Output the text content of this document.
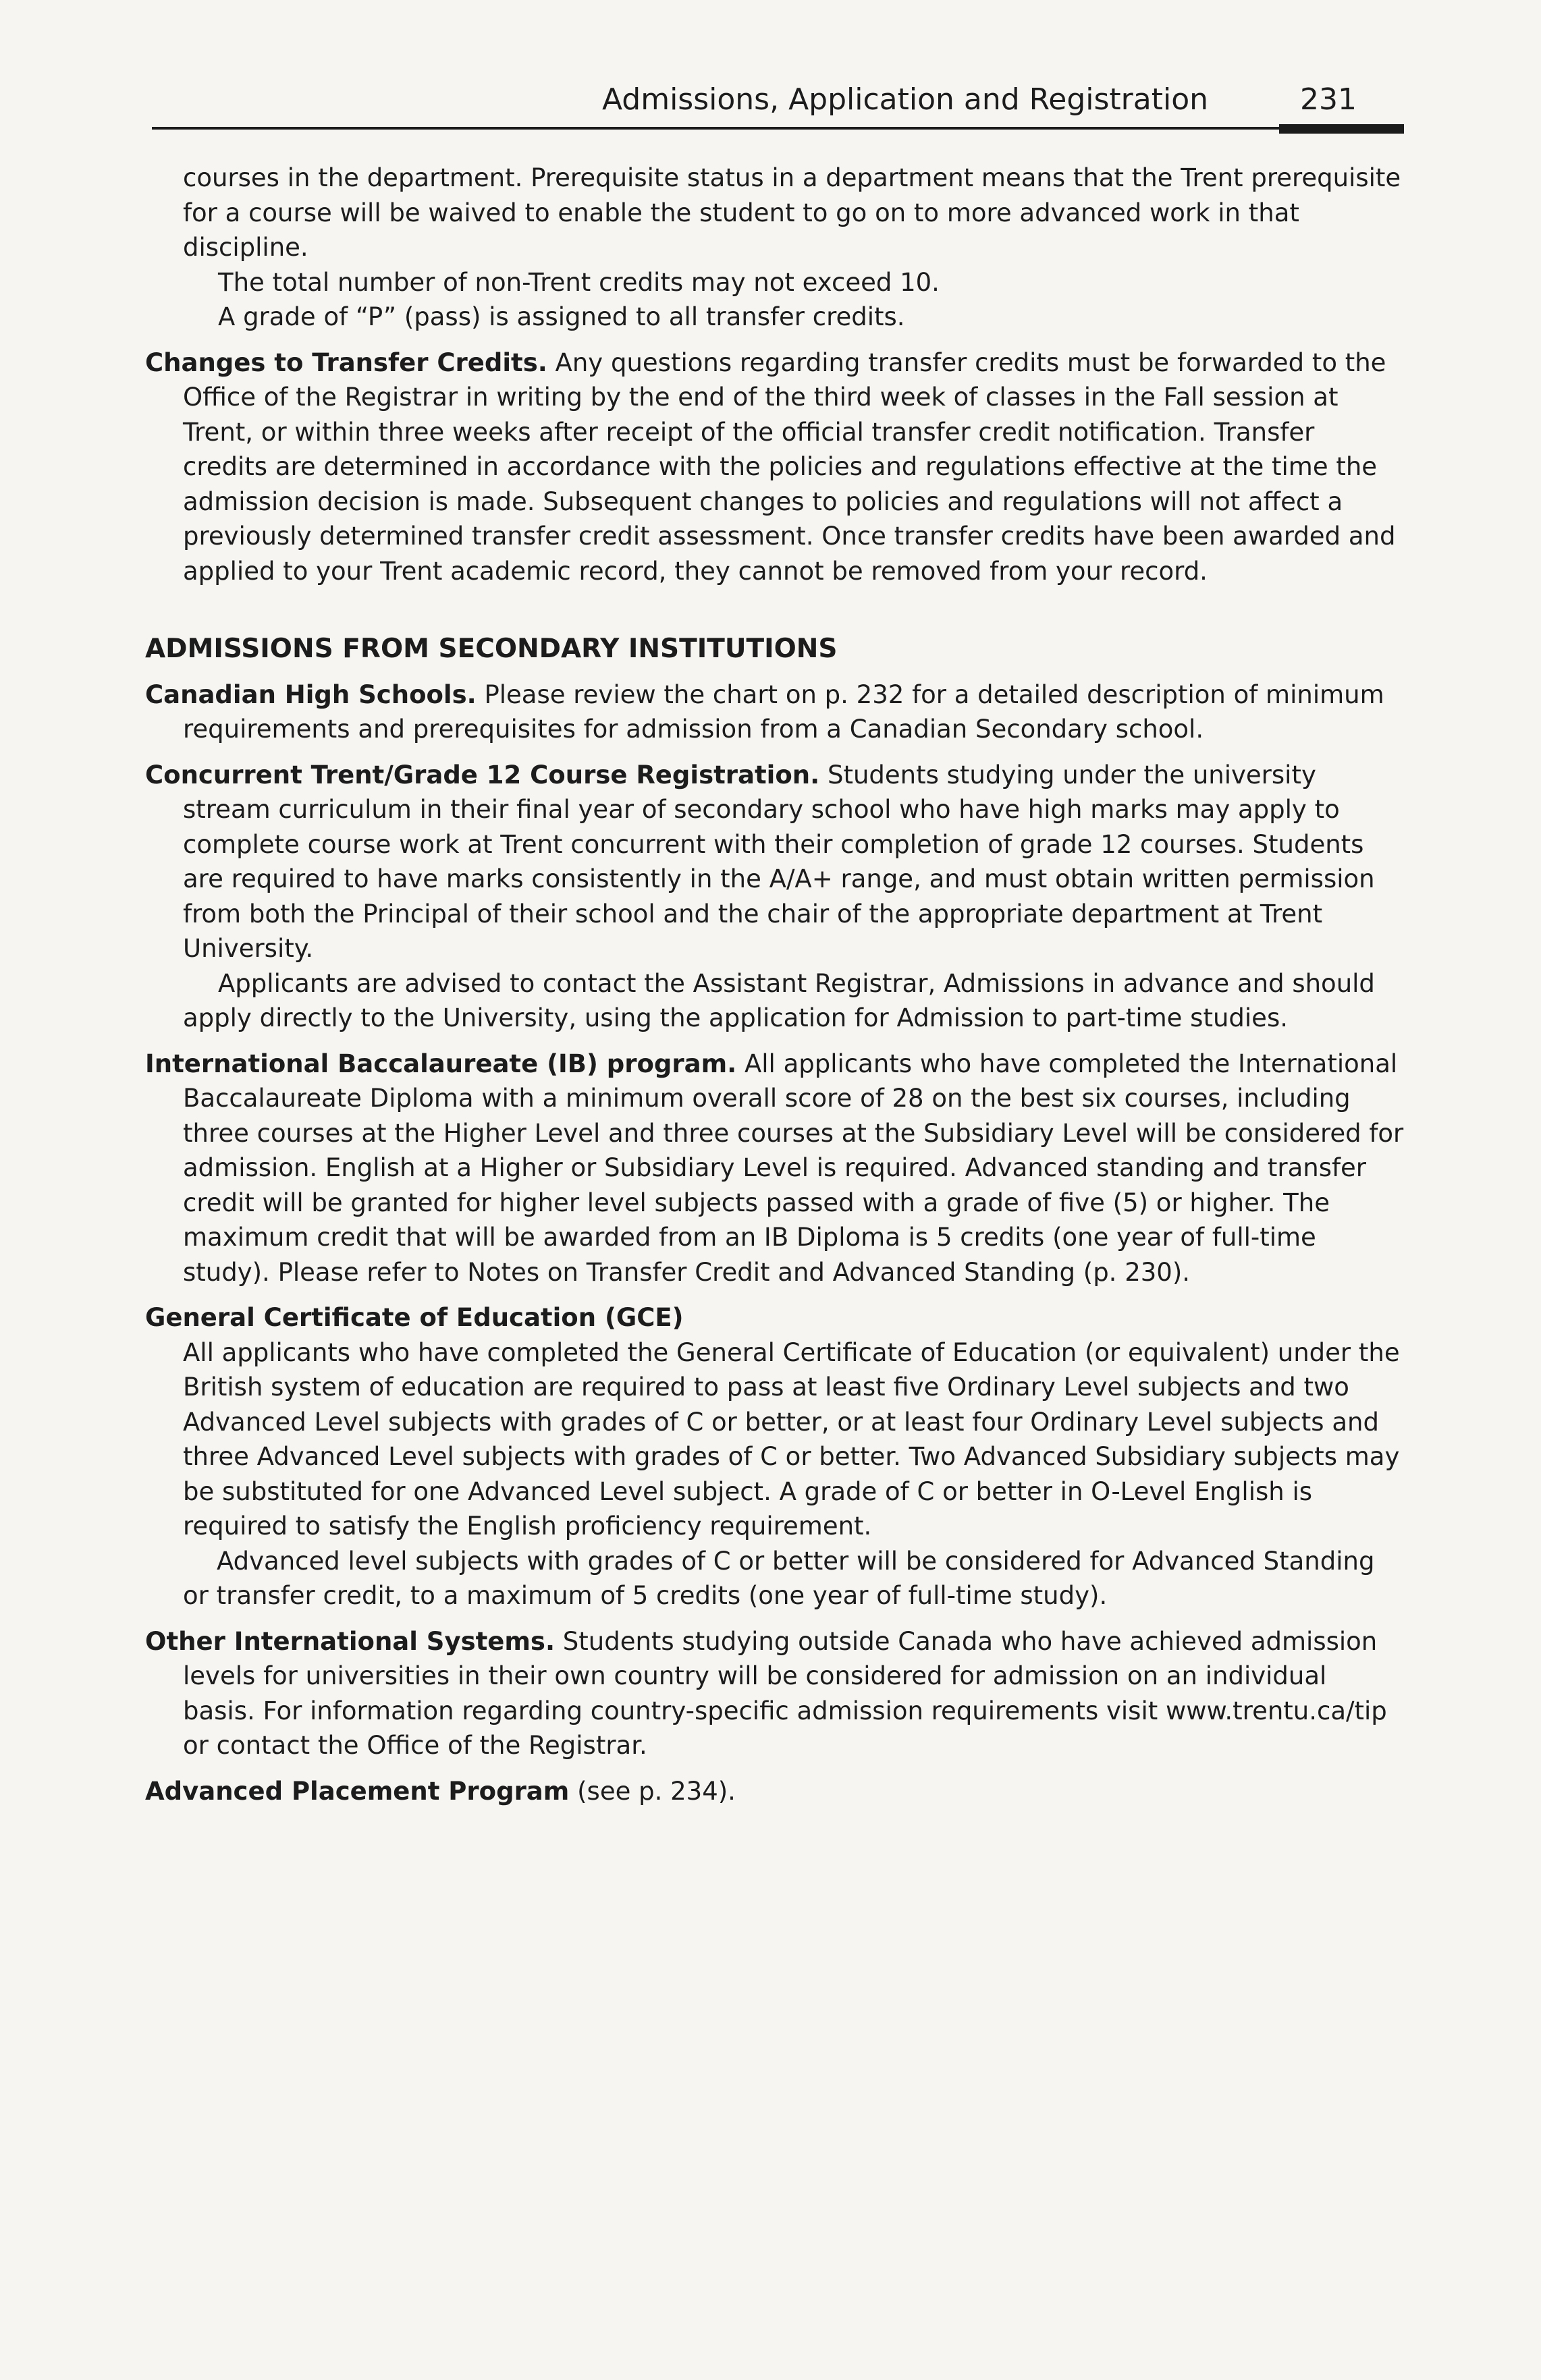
Admissions, Application and Registration	231

courses in the department. Prerequisite status in a department means that the Trent prerequisite for a course will be waived to enable the student to go on to more advanced work in that discipline.

The total number of non-Trent credits may not exceed 10.

A grade of “P” (pass) is assigned to all transfer credits.

Changes to Transfer Credits. Any questions regarding transfer credits must be forwarded to the Office of the Registrar in writing by the end of the third week of classes in the Fall session at Trent, or within three weeks after receipt of the official transfer credit notification. Transfer credits are determined in accordance with the policies and regulations effective at the time the admission decision is made. Subsequent changes to policies and regulations will not affect a previously determined transfer credit assessment. Once transfer credits have been awarded and applied to your Trent academic record, they cannot be removed from your record.

ADMISSIONS FROM SECONDARY INSTITUTIONS

Canadian High Schools. Please review the chart on p. 232 for a detailed description of minimum requirements and prerequisites for admission from a Canadian Secondary school.

Concurrent Trent/Grade 12 Course Registration. Students studying under the university stream curriculum in their final year of secondary school who have high marks may apply to complete course work at Trent concurrent with their completion of grade 12 courses. Students are required to have marks consistently in the A/A+ range, and must obtain written permission from both the Principal of their school and the chair of the appropriate department at Trent University.

Applicants are advised to contact the Assistant Registrar, Admissions in advance and should apply directly to the University, using the application for Admission to part-time studies.

International Baccalaureate (IB) program. All applicants who have completed the International Baccalaureate Diploma with a minimum overall score of 28 on the best six courses, including three courses at the Higher Level and three courses at the Subsidiary Level will be considered for admission. English at a Higher or Subsidiary Level is required. Advanced standing and transfer credit will be granted for higher level subjects passed with a grade of five (5) or higher. The maximum credit that will be awarded from an IB Diploma is 5 credits (one year of full-time study). Please refer to Notes on Transfer Credit and Advanced Standing (p. 230).

General Certificate of Education (GCE)

All applicants who have completed the General Certificate of Education (or equivalent) under the British system of education are required to pass at least five Ordinary Level subjects and two Advanced Level subjects with grades of C or better, or at least four Ordinary Level subjects and three Advanced Level subjects with grades of C or better. Two Advanced Subsidiary subjects may be substituted for one Advanced Level subject. A grade of C or better in O-Level English is required to satisfy the English proficiency requirement.

Advanced level subjects with grades of C or better will be considered for Advanced Standing or transfer credit, to a maximum of 5 credits (one year of full-time study).

Other International Systems. Students studying outside Canada who have achieved admission levels for universities in their own country will be considered for admission on an individual basis. For information regarding country-specific admission requirements visit www.trentu.ca/tip or contact the Office of the Registrar.

Advanced Placement Program (see p. 234).
